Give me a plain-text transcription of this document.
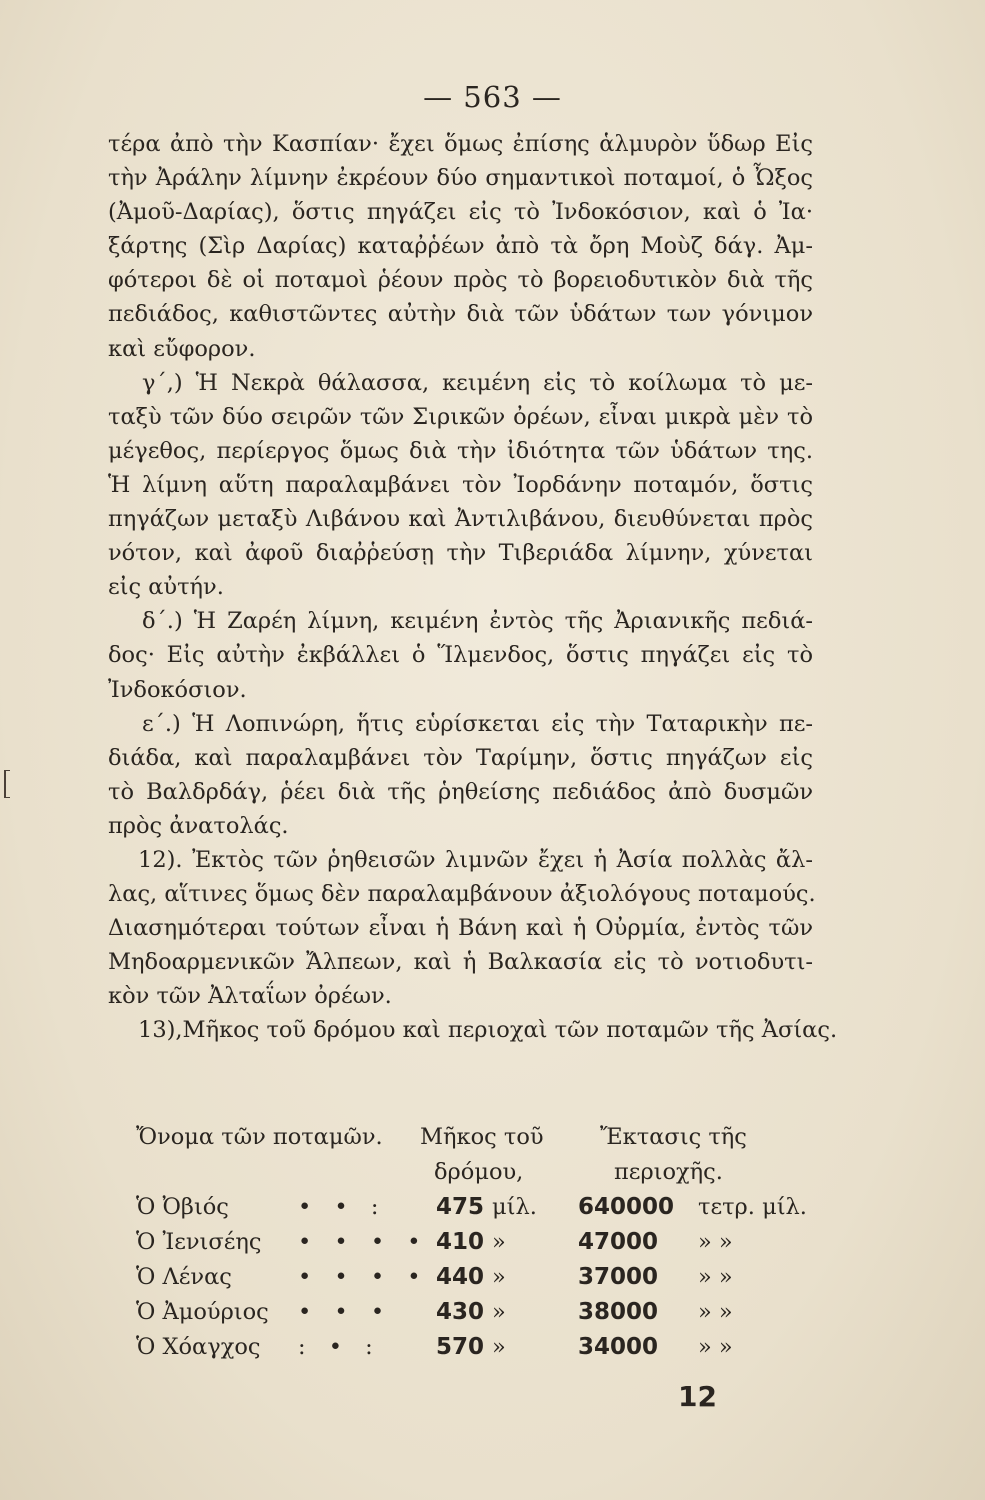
— 563 —
τέρα ἀπὸ τὴν Κασπίαν· ἔχει ὅμως ἐπίσης ἁλμυρὸν ὕδωρ Εἰς
τὴν Ἀράλην λίμνην ἐκρέουν δύο σημαντικοὶ ποταμοί, ὁ Ὦξος
(Ἀμοῦ-Δαρίας), ὅστις πηγάζει εἰς τὸ Ἰνδοκόσιον, καὶ ὁ Ἰα·
ξάρτης (Σὶρ Δαρίας) καταῤῥέων ἀπὸ τὰ ὄρη Μοὺζ δάγ. Ἀμ-
φότεροι δὲ οἱ ποταμοὶ ῥέουν πρὸς τὸ βορειοδυτικὸν διὰ τῆς
πεδιάδος, καθιστῶντες αὐτὴν διὰ τῶν ὑδάτων των γόνιμον
καὶ εὔφορον.
γ΄,) Ἡ Νεκρὰ θάλασσα, κειμένη εἰς τὸ κοίλωμα τὸ με-
ταξὺ τῶν δύο σειρῶν τῶν Σιρικῶν ὀρέων, εἶναι μικρὰ μὲν τὸ
μέγεθος, περίεργος ὅμως διὰ τὴν ἰδιότητα τῶν ὑδάτων της.
Ἡ λίμνη αὕτη παραλαμβάνει τὸν Ἰορδάνην ποταμόν, ὅστις
πηγάζων μεταξὺ Λιβάνου καὶ Ἀντιλιβάνου, διευθύνεται πρὸς
νότον, καὶ ἀφοῦ διαῤῥεύσῃ τὴν Τιβεριάδα λίμνην, χύνεται
εἰς αὐτήν.
δ΄.) Ἡ Ζαρέη λίμνη, κειμένη ἐντὸς τῆς Ἀριανικῆς πεδιά-
δος· Εἰς αὐτὴν ἐκβάλλει ὁ Ἵλμενδος, ὅστις πηγάζει εἰς τὸ
Ἰνδοκόσιον.
ε΄.) Ἡ Λοπινώρη, ἥτις εὑρίσκεται εἰς τὴν Ταταρικὴν πε-
διάδα, καὶ παραλαμβάνει τὸν Ταρίμην, ὅστις πηγάζων εἰς
τὸ Βαλδρδάγ, ῥέει διὰ τῆς ῥηθείσης πεδιάδος ἀπὸ δυσμῶν
πρὸς ἀνατολάς.
12). Ἐκτὸς τῶν ῥηθεισῶν λιμνῶν ἔχει ἡ Ἀσία πολλὰς ἄλ-
λας, αἵτινες ὅμως δὲν παραλαμβάνουν ἀξιολόγους ποταμούς.
Διασημότεραι τούτων εἶναι ἡ Βάνη καὶ ἡ Οὐρμία, ἐντὸς τῶν
Μηδοαρμενικῶν Ἄλπεων, καὶ ἡ Βαλκασία εἰς τὸ νοτιοδυτι-
κὸν τῶν Ἀλταΐων ὀρέων.
13),Μῆκος τοῦ δρόμου καὶ περιοχαὶ τῶν ποταμῶν τῆς Ἀσίας.
Ὄνομα τῶν ποταμῶν. Μῆκος τοῦ	Ἔκτασις τῆς
δρόμου,	περιοχῆς.
Ὁ Ὀβιός	• • : 475 μίλ. 640000 τετρ. μίλ.
Ὁ Ἰενισέης • • • • 410 »	47000 » »
Ὁ Λένας	• • • • 440 »	37000 » »
Ὁ Ἀμούριος • • • 430 »	38000 » »
Ὁ Χόαγχος : • : 570 »	34000 » »
12
